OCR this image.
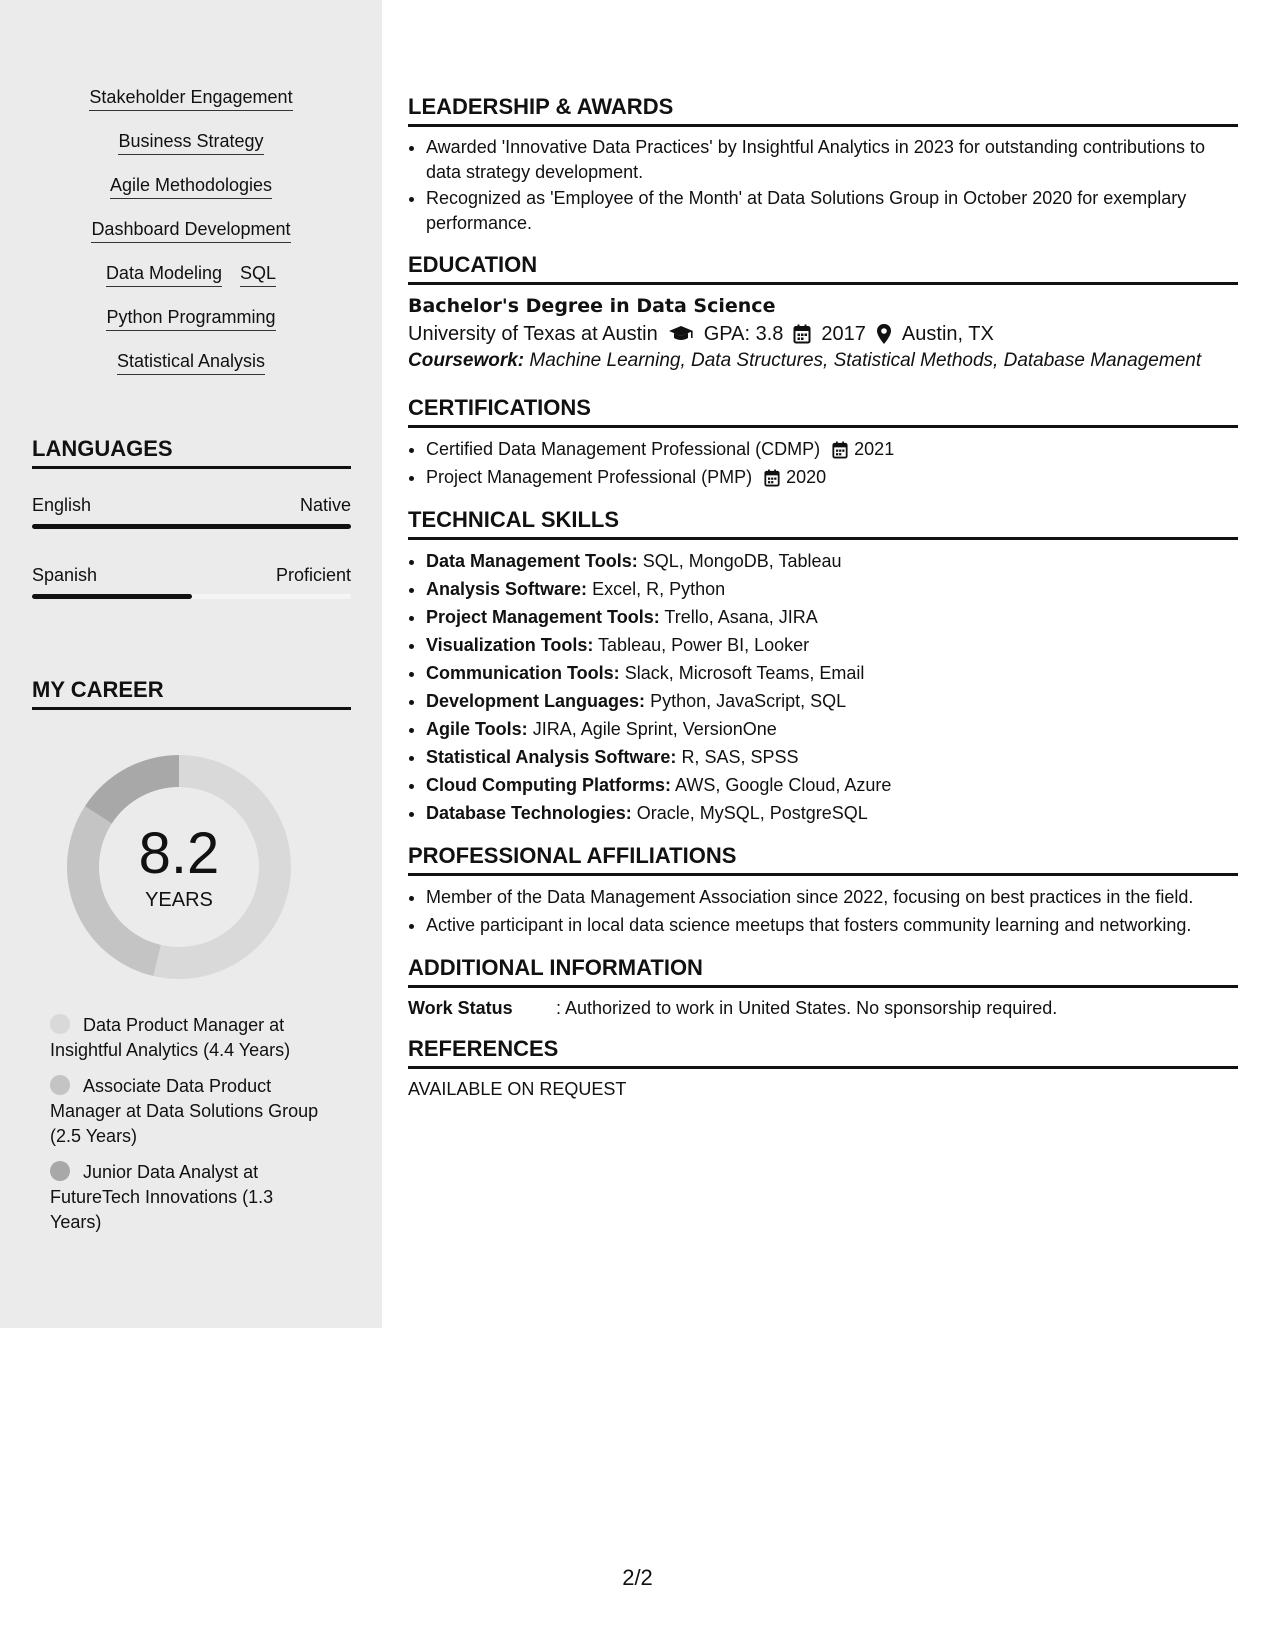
Stakeholder Engagement
Business Strategy
Agile Methodologies
Dashboard Development
Data Modeling SQL
Python Programming
Statistical Analysis
LANGUAGES
English	Native
Spanish	Proficient
MY CAREER
8.2
YEARS
Data Product Manager at Insightful Analytics (4.4 Years)
Associate Data Product Manager at Data Solutions Group (2.5 Years)
Junior Data Analyst at FutureTech Innovations (1.3 Years)
LEADERSHIP & AWARDS
• Awarded 'Innovative Data Practices' by Insightful Analytics in 2023 for outstanding contributions to data strategy development.
• Recognized as 'Employee of the Month' at Data Solutions Group in October 2020 for exemplary performance.
EDUCATION
Bachelor's Degree in Data Science
University of Texas at Austin GPA: 3.8 2017 Austin, TX
Coursework: Machine Learning, Data Structures, Statistical Methods, Database Management
CERTIFICATIONS
• Certified Data Management Professional (CDMP) 2021
• Project Management Professional (PMP) 2020
TECHNICAL SKILLS
• Data Management Tools: SQL, MongoDB, Tableau
• Analysis Software: Excel, R, Python
• Project Management Tools: Trello, Asana, JIRA
• Visualization Tools: Tableau, Power BI, Looker
• Communication Tools: Slack, Microsoft Teams, Email
• Development Languages: Python, JavaScript, SQL
• Agile Tools: JIRA, Agile Sprint, VersionOne
• Statistical Analysis Software: R, SAS, SPSS
• Cloud Computing Platforms: AWS, Google Cloud, Azure
• Database Technologies: Oracle, MySQL, PostgreSQL
PROFESSIONAL AFFILIATIONS
• Member of the Data Management Association since 2022, focusing on best practices in the field.
• Active participant in local data science meetups that fosters community learning and networking.
ADDITIONAL INFORMATION
Work Status	: Authorized to work in United States. No sponsorship required.
REFERENCES
AVAILABLE ON REQUEST
2/2
